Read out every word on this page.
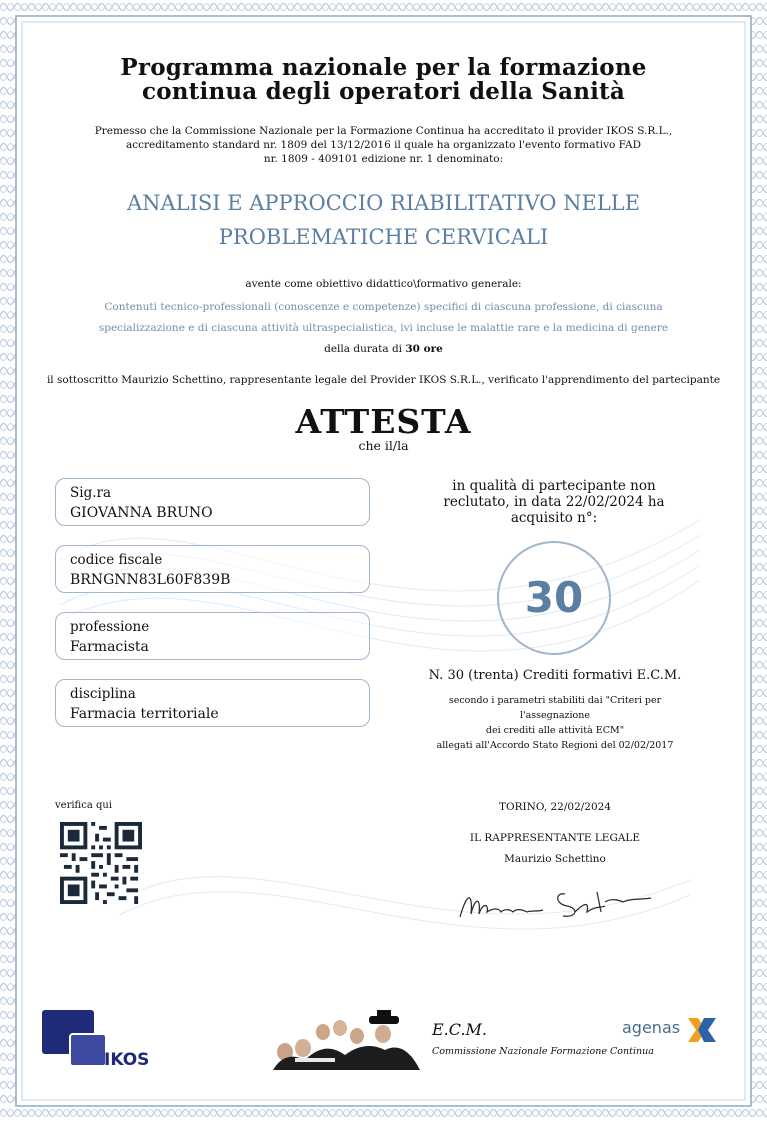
Programma nazionale per la formazione
continua degli operatori della Sanità
Premesso che la Commissione Nazionale per la Formazione Continua ha accreditato il provider IKOS S.R.L.,
accreditamento standard nr. 1809 del 13/12/2016 il quale ha organizzato l'evento formativo FAD
nr. 1809 - 409101 edizione nr. 1 denominato:
ANALISI E APPROCCIO RIABILITATIVO NELLE
PROBLEMATICHE CERVICALI
avente come obiettivo didattico\formativo generale:
Contenuti tecnico-professionali (conoscenze e competenze) specifici di ciascuna professione, di ciascuna
specializzazione e di ciascuna attività ultraspecialistica, ivi incluse le malattie rare e la medicina di genere
della durata di 30 ore
il sottoscritto Maurizio Schettino, rappresentante legale del Provider IKOS S.R.L., verificato l'apprendimento del partecipante
ATTESTA
che il/la
Sig.ra
GIOVANNA BRUNO
codice fiscale
BRNGNN83L60F839B
professione
Farmacista
disciplina
Farmacia territoriale
in qualità di partecipante non
reclutato, in data 22/02/2024 ha
acquisito n°:
30
N. 30 (trenta) Crediti formativi E.C.M.
secondo i parametri stabiliti dai "Criteri per
l'assegnazione
dei crediti alle attività ECM"
allegati all'Accordo Stato Regioni del 02/02/2017
verifica qui	TORINO, 22/02/2024
IL RAPPRESENTANTE LEGALE
Maurizio Schettino
IKOS
E.C.M.
Commissione Nazionale Formazione Continua
agenas
